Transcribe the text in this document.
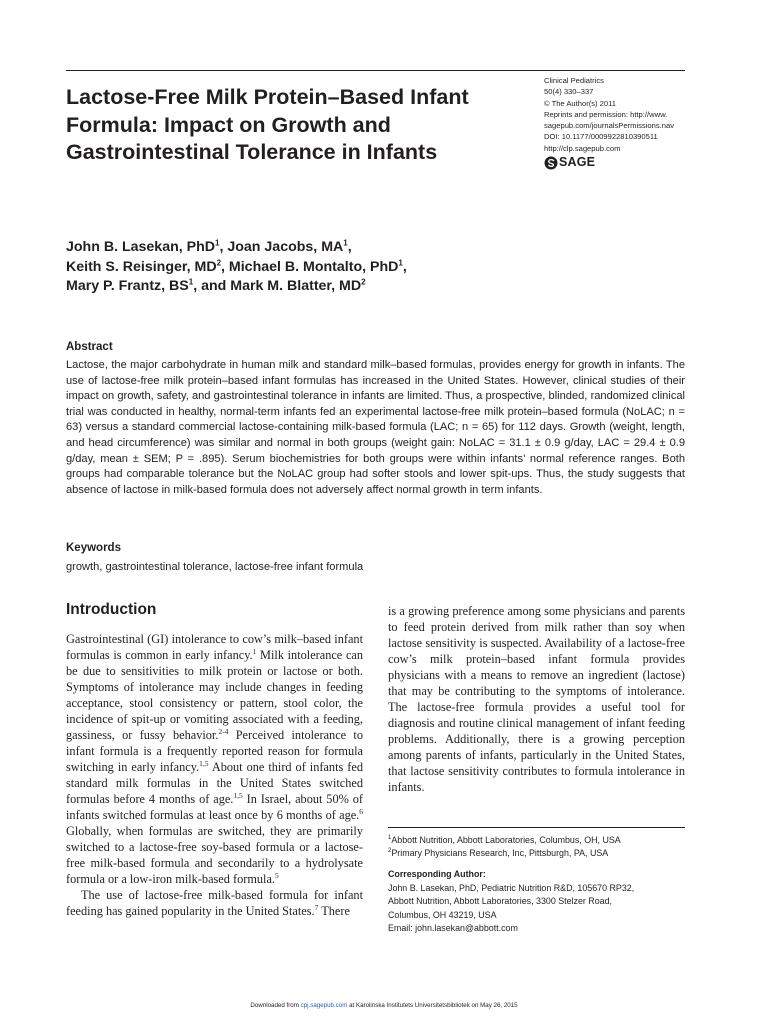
Lactose-Free Milk Protein–Based Infant Formula: Impact on Growth and Gastrointestinal Tolerance in Infants
Clinical Pediatrics
50(4) 330–337
© The Author(s) 2011
Reprints and permission: http://www.
sagepub.com/journalsPermissions.nav
DOI: 10.1177/0009922810390511
http://clp.sagepub.com
SAGE
John B. Lasekan, PhD$^1$, Joan Jacobs, $MA^1$,
Keith S. Reisinger, $MD^2$, Michael B. Montalto, PhD$^1$,
Mary P. Frantz, $BS^1$, and Mark M. Blatter, $MD^2$
Abstract
Lactose, the major carbohydrate in human milk and standard milk–based formulas, provides energy for growth in infants. The use of lactose-free milk protein–based infant formulas has increased in the United States. However, clinical studies of their impact on growth, safety, and gastrointestinal tolerance in infants are limited. Thus, a prospective, blinded, randomized clinical trial was conducted in healthy, normal-term infants fed an experimental lactose-free milk protein–based formula (NoLAC; n = 63) versus a standard commercial lactose-containing milk-based formula (LAC; n = 65) for 112 days. Growth (weight, length, and head circumference) was similar and normal in both groups (weight gain: NoLAC = 31.1 ± 0.9 g/day, LAC = 29.4 ± 0.9 g/day, mean ± SEM; P = .895). Serum biochemistries for both groups were within infants’ normal reference ranges. Both groups had comparable tolerance but the NoLAC group had softer stools and lower spit-ups. Thus, the study suggests that absence of lactose in milk-based formula does not adversely affect normal growth in term infants.
Keywords
growth, gastrointestinal tolerance, lactose-free infant formula
Introduction

Gastrointestinal (GI) intolerance to cow’s milk–based infant formulas is common in early infancy.$^1$ Milk intolerance can be due to sensitivities to milk protein or lactose or both. Symptoms of intolerance may include changes in feeding acceptance, stool consistency or pattern, stool color, the incidence of spit-up or vomiting associated with a feeding, gassiness, or fussy behavior.$^{2-4}$ Perceived intolerance to infant formula is a frequently reported reason for formula switching in early infancy.$^{1,5}$ About one third of infants fed standard milk formulas in the United States switched formulas before 4 months of age.$^{1,5}$ In Israel, about 50% of infants switched formulas at least once by 6 months of age.$^6$ Globally, when formulas are switched, they are primarily switched to a lactose-free soy-based formula or a lactose-free milk-based formula and secondarily to a hydrolysate formula or a low-iron milk-based formula.$^5$

The use of lactose-free milk-based formula for infant feeding has gained popularity in the United States.$^7$ There

is a growing preference among some physicians and parents to feed protein derived from milk rather than soy when lactose sensitivity is suspected. Availability of a lactose-free cow’s milk protein–based infant formula provides physicians with a means to remove an ingredient (lactose) that may be contributing to the symptoms of intolerance. The lactose-free formula provides a useful tool for diagnosis and routine clinical management of infant feeding problems. Additionally, there is a growing perception among parents of infants, particularly in the United States, that lactose sensitivity contributes to formula intolerance in infants.

$^1$Abbott Nutrition, Abbott Laboratories, Columbus, OH, USA
$^2$Primary Physicians Research, Inc, Pittsburgh, PA, USA
Corresponding Author:
John B. Lasekan, PhD, Pediatric Nutrition R&D, 105670 RP32,
Abbott Nutrition, Abbott Laboratories, 3300 Stelzer Road,
Columbus, OH 43219, USA
Email: john.lasekan@abbott.com
Downloaded from cpj.sagepub.com at Karolinska Institutets Universitetsbibliotek on May 26, 2015
